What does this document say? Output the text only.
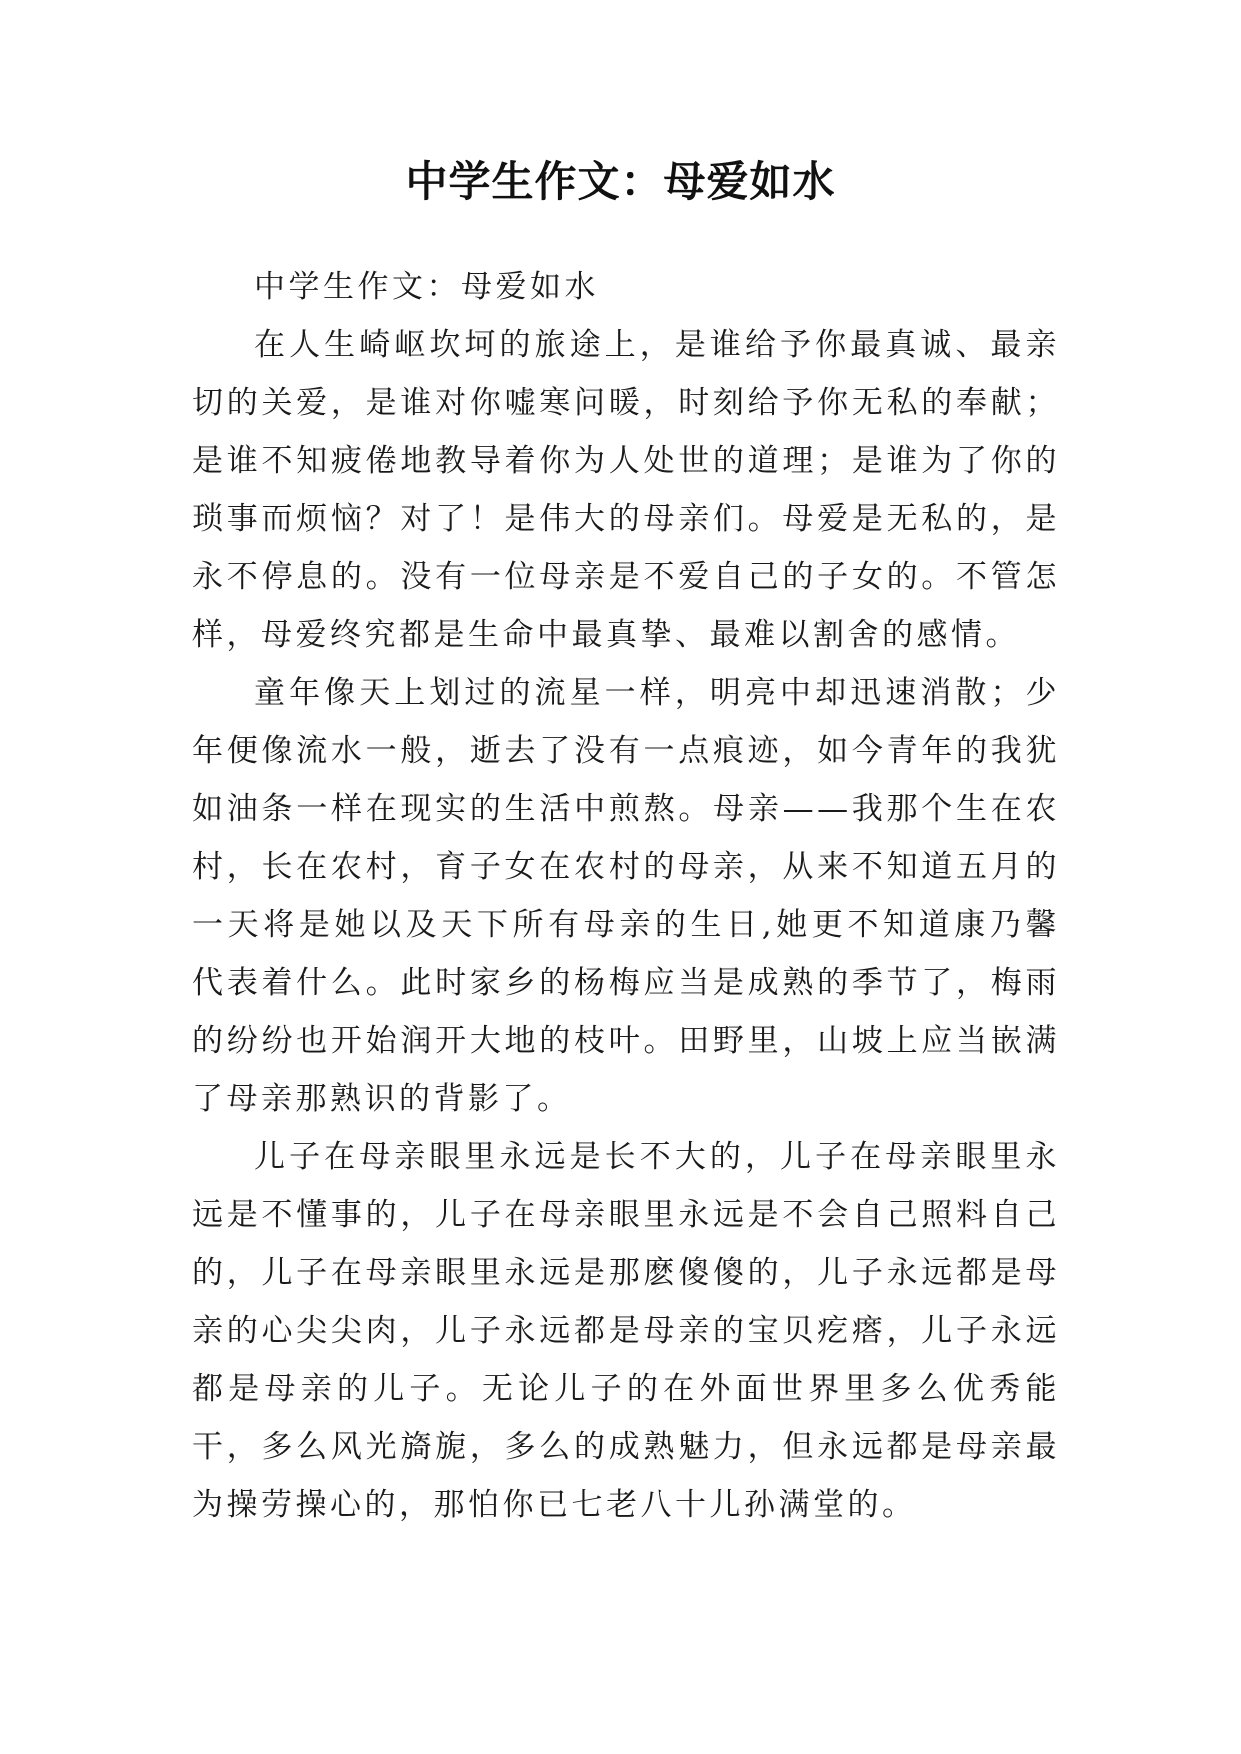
中学生作文：母爱如水

中学生作文：母爱如水

在人生崎岖坎坷的旅途上，是谁给予你最真诚、最亲切的关爱，是谁对你嘘寒问暖，时刻给予你无私的奉献；是谁不知疲倦地教导着你为人处世的道理；是谁为了你的琐事而烦恼？对了！是伟大的母亲们。母爱是无私的，是永不停息的。没有一位母亲是不爱自己的子女的。不管怎样，母爱终究都是生命中最真挚、最难以割舍的感情。

童年像天上划过的流星一样，明亮中却迅速消散；少年便像流水一般，逝去了没有一点痕迹，如今青年的我犹如油条一样在现实的生活中煎熬。母亲——我那个生在农村，长在农村，育子女在农村的母亲，从来不知道五月的一天将是她以及天下所有母亲的生日,她更不知道康乃馨代表着什么。此时家乡的杨梅应当是成熟的季节了，梅雨的纷纷也开始润开大地的枝叶。田野里，山坡上应当嵌满了母亲那熟识的背影了。

儿子在母亲眼里永远是长不大的，儿子在母亲眼里永远是不懂事的，儿子在母亲眼里永远是不会自己照料自己的，儿子在母亲眼里永远是那麽傻傻的，儿子永远都是母亲的心尖尖肉，儿子永远都是母亲的宝贝疙瘩，儿子永远都是母亲的儿子。无论儿子的在外面世界里多么优秀能干，多么风光旖旎，多么的成熟魅力，但永远都是母亲最为操劳操心的，那怕你已七老八十儿孙满堂的。
